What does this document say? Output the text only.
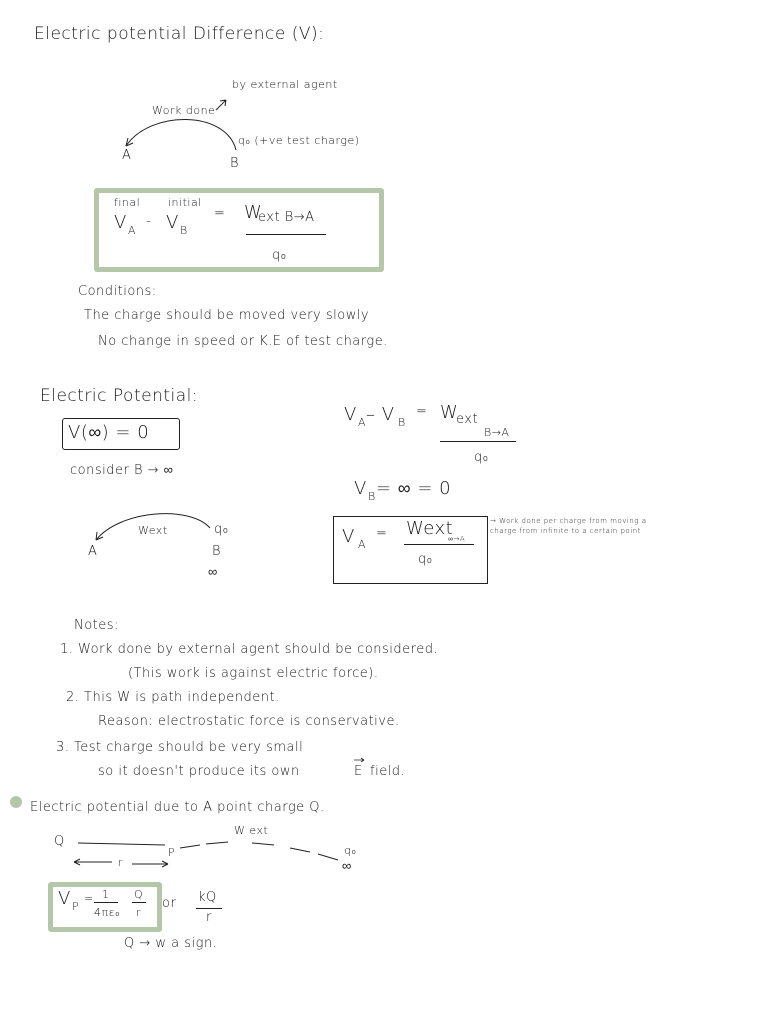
Electric potential Difference (V):
by external agent
Work done
A
B
q₀ (+ve test charge)
final	initial
V A
- V B
= W
ext B→A
q₀
Conditions:
The charge should be moved very slowly
No change in speed or K.E of test charge.
Electric Potential:
V(∞) = 0
consider B → ∞
Wext	q₀
A	B
∞
V A – V B
= W
ext
B→A
q₀
V B = ∞ = 0
V A
= Wext
∞→A
q₀
→ Work done per charge from moving a charge from infinite to a certain point
Notes:
1. Work done by external agent should be considered.
(This work is against electric force).
2. This W is path independent.
Reason: electrostatic force is conservative.
3. Test charge should be very small
so it doesn't produce its own	E field.
Electric potential due to A point charge Q.
Q
P
W ext
q₀
∞
r
V P
= 1
4πε₀
Q
r
or kQ
r
Q → w a sign.
